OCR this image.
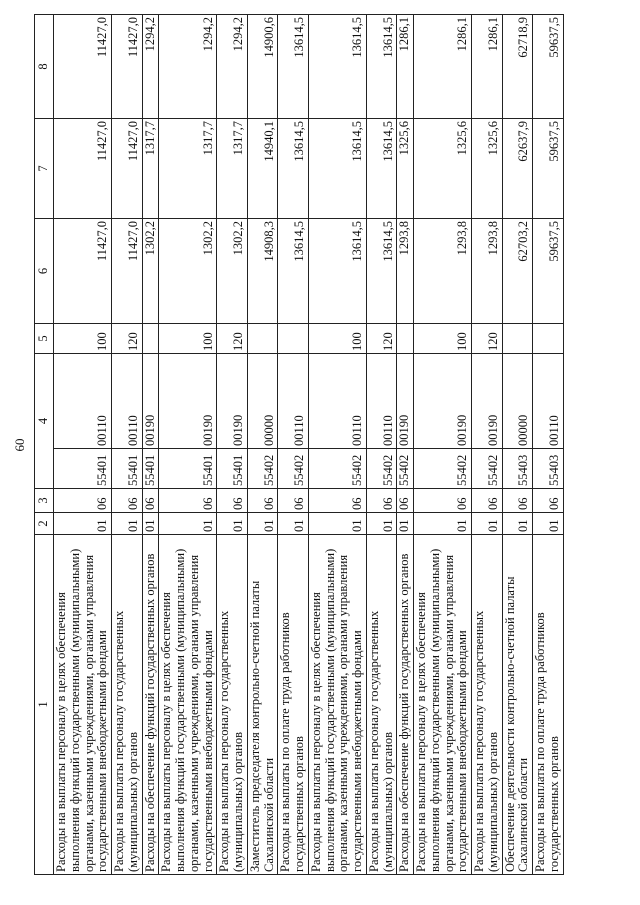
60
1	2	3	4		5	6	7	8
Расходы на выплаты персоналу в целях обеспечения выполнения функций государственными (муниципальными) органами, казенными учреждениями, органами управления государственными внебюджетными фондами	01	06	55401	00110	100	11427,0	11427,0	11427,0
Расходы на выплаты персоналу государственных (муниципальных) органов	01	06	55401	00110	120	11427,0	11427,0	11427,0
Расходы на обеспечение функций государственных органов	01	06	55401	00190		1302,2	1317,7	1294,2
Расходы на выплаты персоналу в целях обеспечения выполнения функций государственными (муниципальными) органами, казенными учреждениями, органами управления государственными внебюджетными фондами	01	06	55401	00190	100	1302,2	1317,7	1294,2
Расходы на выплаты персоналу государственных (муниципальных) органов	01	06	55401	00190	120	1302,2	1317,7	1294,2
Заместитель председателя контрольно-счетной палаты Сахалинской области	01	06	55402	00000		14908,3	14940,1	14900,6
Расходы на выплаты по оплате труда работников государственных органов	01	06	55402	00110		13614,5	13614,5	13614,5
Расходы на выплаты персоналу в целях обеспечения выполнения функций государственными (муниципальными) органами, казенными учреждениями, органами управления государственными внебюджетными фондами	01	06	55402	00110	100	13614,5	13614,5	13614,5
Расходы на выплаты персоналу государственных (муниципальных) органов	01	06	55402	00110	120	13614,5	13614,5	13614,5
Расходы на обеспечение функций государственных органов	01	06	55402	00190		1293,8	1325,6	1286,1
Расходы на выплаты персоналу в целях обеспечения выполнения функций государственными (муниципальными) органами, казенными учреждениями, органами управления государственными внебюджетными фондами	01	06	55402	00190	100	1293,8	1325,6	1286,1
Расходы на выплаты персоналу государственных (муниципальных) органов	01	06	55402	00190	120	1293,8	1325,6	1286,1
Обеспечение деятельности контрольно-счетной палаты Сахалинской области	01	06	55403	00000		62703,2	62637,9	62718,9
Расходы на выплаты по оплате труда работников государственных органов	01	06	55403	00110		59637,5	59637,5	59637,5
